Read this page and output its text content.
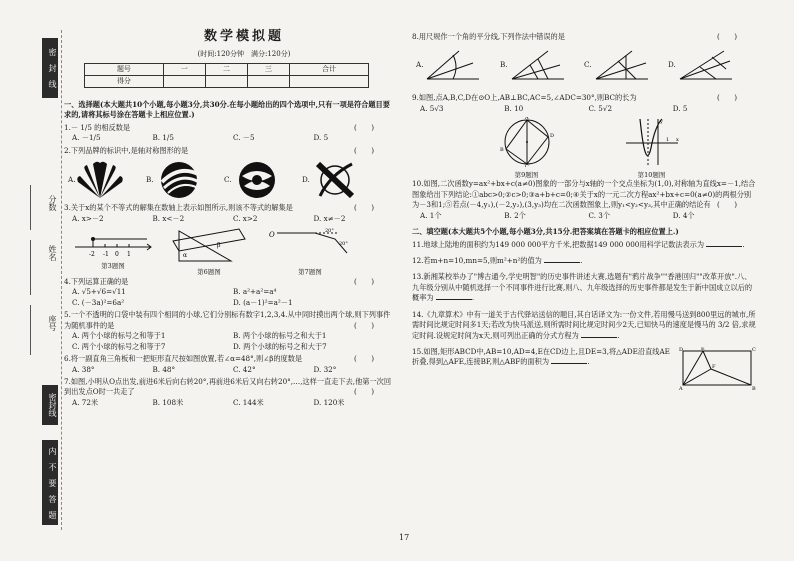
密　封　线
分数
姓名
座号
密封线
内　不　要　答　题
数学模拟题
(时间:120分钟　满分:120分)
题号	一	二	三	合计
得分				
一、选择题(本大题共10个小题,每小题3分,共30分.在每小题给出的四个选项中,只有一项是符合题目要求的,请将其标号涂在答题卡上相应位置.)
(　　)
1.－ 1/5 的相反数是
A. －1/5	B. 1/5	C. －5	D. 5
(　　)
2.下列品牌的标识中,是轴对称图形的是
A.	B.	C.	D.
(　　)
3.关于x的某个不等式的解集在数轴上表示如图所示,则该不等式的解集是
A. x>－2	B. x<－2	C. x>2	D. x≠－2
-2 -1 0 1
第3题图
α
β
第6题图
O	20°
20°
第7题图
(　　)
4.下列运算正确的是
A. √5+√6=√11	B. a²+a²=a⁴
C. (－3a)²=6a²	D. (a－1)²=a²－1
5.一个不透明的口袋中装有四个相同的小球,它们分别标有数字1,2,3,4.从中同时摸出两个球,则下列事件为随机事件的是	(　　)
A. 两个小球的标号之和等于1	B. 两个小球的标号之和大于1
C. 两个小球的标号之和等于7	D. 两个小球的标号之和大于7
(　　)
6.将一副直角三角板和一把矩形直尺按如图放置,若∠α=48°,则∠β的度数是
A. 38°	B. 48°	C. 42°	D. 32°
7.如图,小明从O点出发,前进6米后向右转20°,再前进6米后又向右转20°,…,这样一直走下去,他第一次回到出发点O时一共走了	(　　)
A. 72米	B. 108米	C. 144米	D. 120米
(　　)
8.用尺规作一个角的平分线,下列作法中错误的是
A.	B.	C.	D.
(　　)
9.如图,点A,B,C,D在⊙O上,AB⊥BC,AC=5,∠ADC=30°,则BC的长为
A. 5√3	B. 10	C. 5√2	D. 5
A
B
C
D
第9题图
1
y
x
第10题图
10.如图,二次函数y=ax²+bx+c(a≠0)图象的一部分与x轴的一个交点坐标为(1,0),对称轴为直线x=－1,结合图象给出下列结论:①abc>0;②c>0;③a+b+c=0;④关于x的一元二次方程ax²+bx+c=0(a≠0)的两根分别为－3和1;⑤若点(－4,y₁),(－2,y₂),(3,y₃)均在二次函数图象上,则y₁<y₂<y₃,其中正确的结论有 (　　)
A. 1个	B. 2个	C. 3个	D. 4个
二、填空题(本大题共5个小题,每小题3分,共15分.把答案填在答题卡的相应位置上.)
11.地球上陆地的面积约为149 000 000平方千米,把数据149 000 000用科学记数法表示为	.
12.若m+n=10,mn=5,则m²+n²的值为	.
13.新湘某校举办了"博古通今,学史明智"的历史事件讲述大赛,选题有"鸦片战争""香港回归""改革开放".八、九年级分别从中随机选择一个不同事件进行比赛,则八、九年级选择的历史事件都是发生于新中国成立以后的概率为	.
14.《九章算术》中有一道关于古代驿站送信的题目,其白话译文为:一份文件,若用慢马送到800里远的城市,所需时间比规定时间多1天;若改为快马派送,则所需时间比规定时间少2天,已知快马的速度是慢马的 3/2 倍,求规定时间.设规定时间为x天,则可列出正确的分式方程为	.
15.如图,矩形ABCD中,AB=10,AD=4,E在CD边上,且DE=3,将△ADE沿直线AE折叠,得到△AFE,连接BF,则△ABF的面积为	.
D	E	C
A	B
F
17
